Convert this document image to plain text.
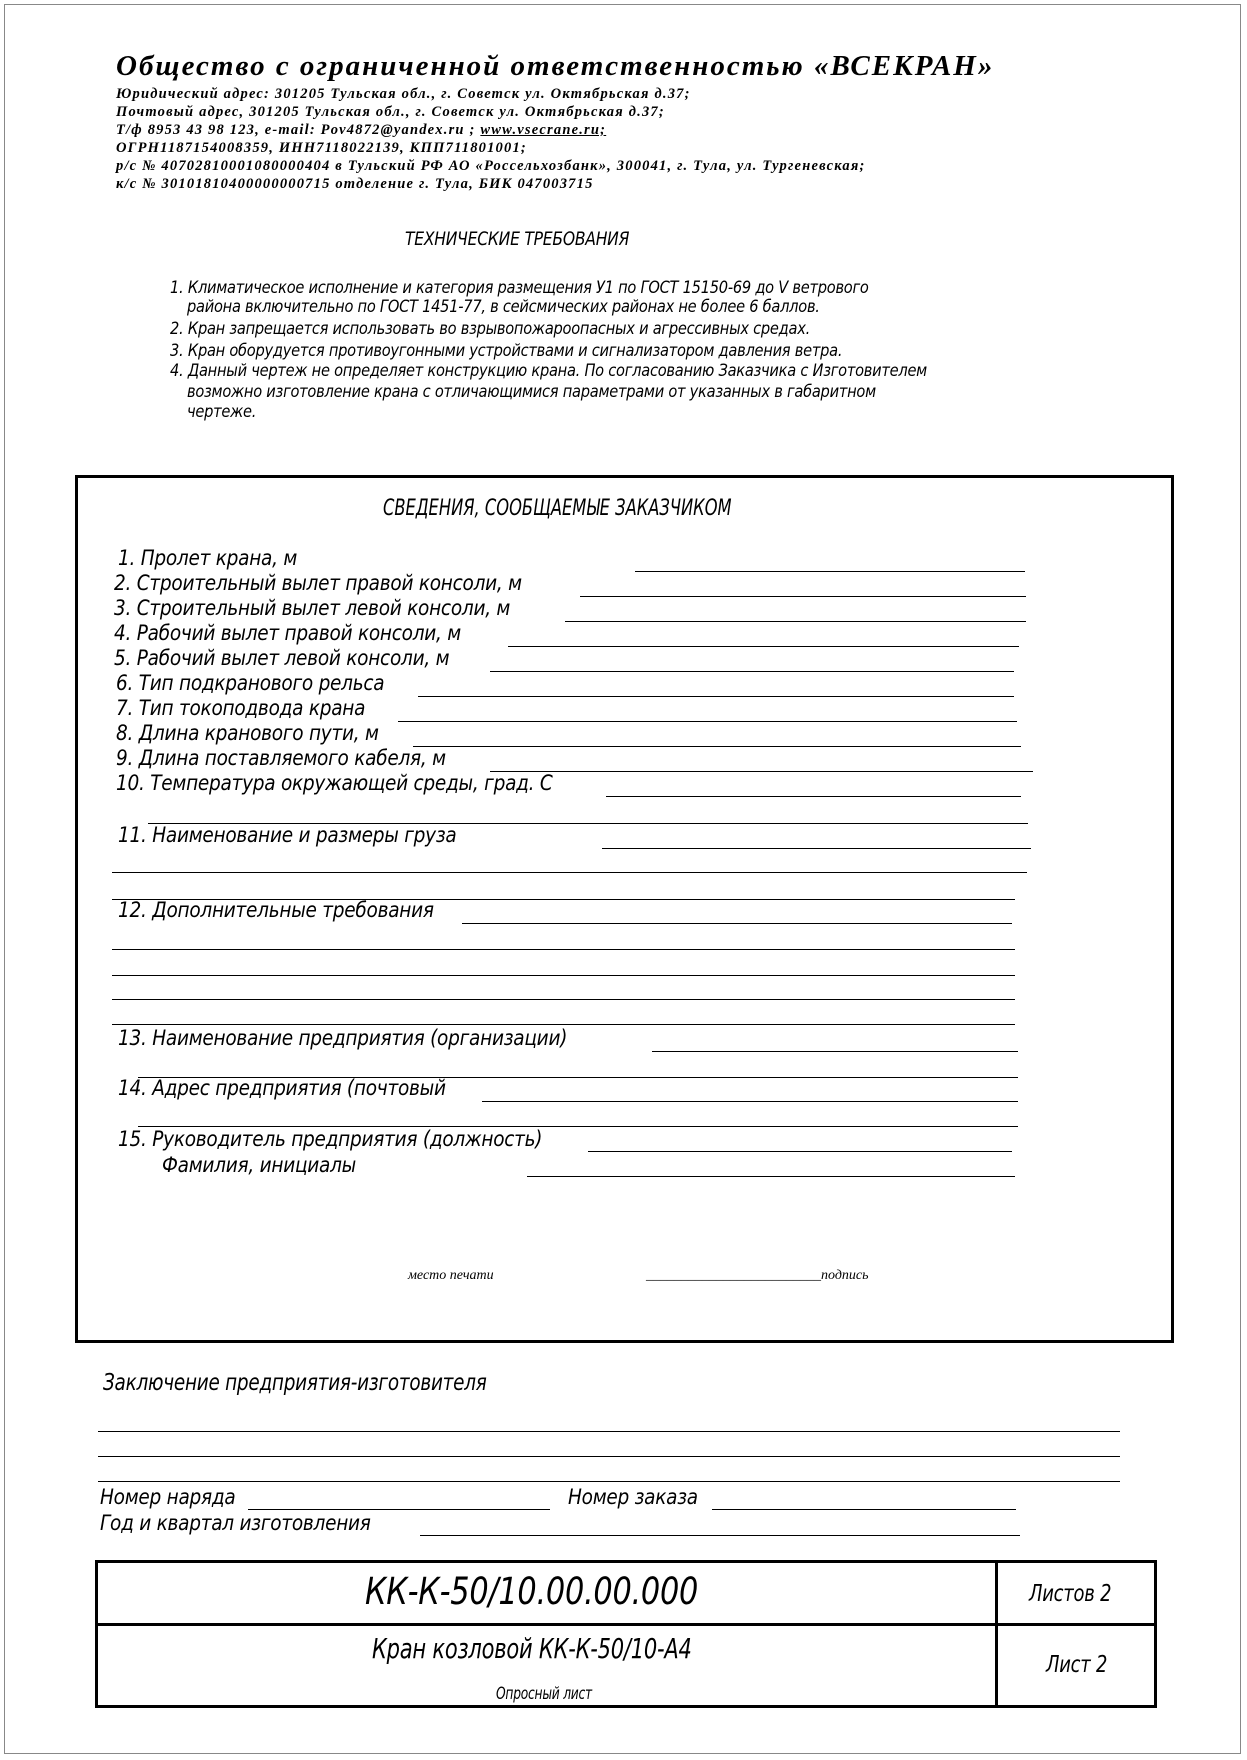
Общество с ограниченной ответственностью «ВСЕКРАН»
Юридический адрес: 301205 Тульская обл., г. Советск ул. Октябрьская д.37;
Почтовый адрес, 301205 Тульская обл., г. Советск ул. Октябрьская д.37;
Т/ф 8953 43 98 123, e-mail: Pov4872@yandex.ru ; www.vsecrane.ru;
ОГРН1187154008359, ИНН7118022139, КПП711801001;
р/с № 40702810001080000404 в Тульский РФ АО «Россельхозбанк», 300041, г. Тула, ул. Тургеневская;
к/с № 30101810400000000715 отделение г. Тула, БИК 047003715
ТЕХНИЧЕСКИЕ ТРЕБОВАНИЯ
1. Климатическое исполнение и категория размещения У1 по ГОСТ 15150-69 до V ветрового
района включительно по ГОСТ 1451-77, в сейсмических районах не более 6 баллов.
2. Кран запрещается использовать во взрывопожароопасных и агрессивных средах.
3. Кран оборудуется противоугонными устройствами и сигнализатором давления ветра.
4. Данный чертеж не определяет конструкцию крана. По согласованию Заказчика с Изготовителем
возможно изготовление крана с отличающимися параметрами от указанных в габаритном
чертеже.
СВЕДЕНИЯ, СООБЩАЕМЫЕ ЗАКАЗЧИКОМ
1. Пролет крана, м
2. Строительный вылет правой консоли, м
3. Строительный вылет левой консоли, м
4. Рабочий вылет правой консоли, м
5. Рабочий вылет левой консоли, м
6. Тип подкранового рельса
7. Тип токоподвода крана
8. Длина кранового пути, м
9. Длина поставляемого кабеля, м
10. Температура окружающей среды, град. С
11. Наименование и размеры груза
12. Дополнительные требования
13. Наименование предприятия (организации)
14. Адрес предприятия (почтовый
15. Руководитель предприятия (должность)
Фамилия, инициалы
место печати	_________________________подпись
Заключение предприятия-изготовителя
Номер наряда	Номер заказа
Год и квартал изготовления
КК-К-50/10.00.00.000
Кран козловой КК-К-50/10-А4
Опросный лист
Листов 2
Лист 2
